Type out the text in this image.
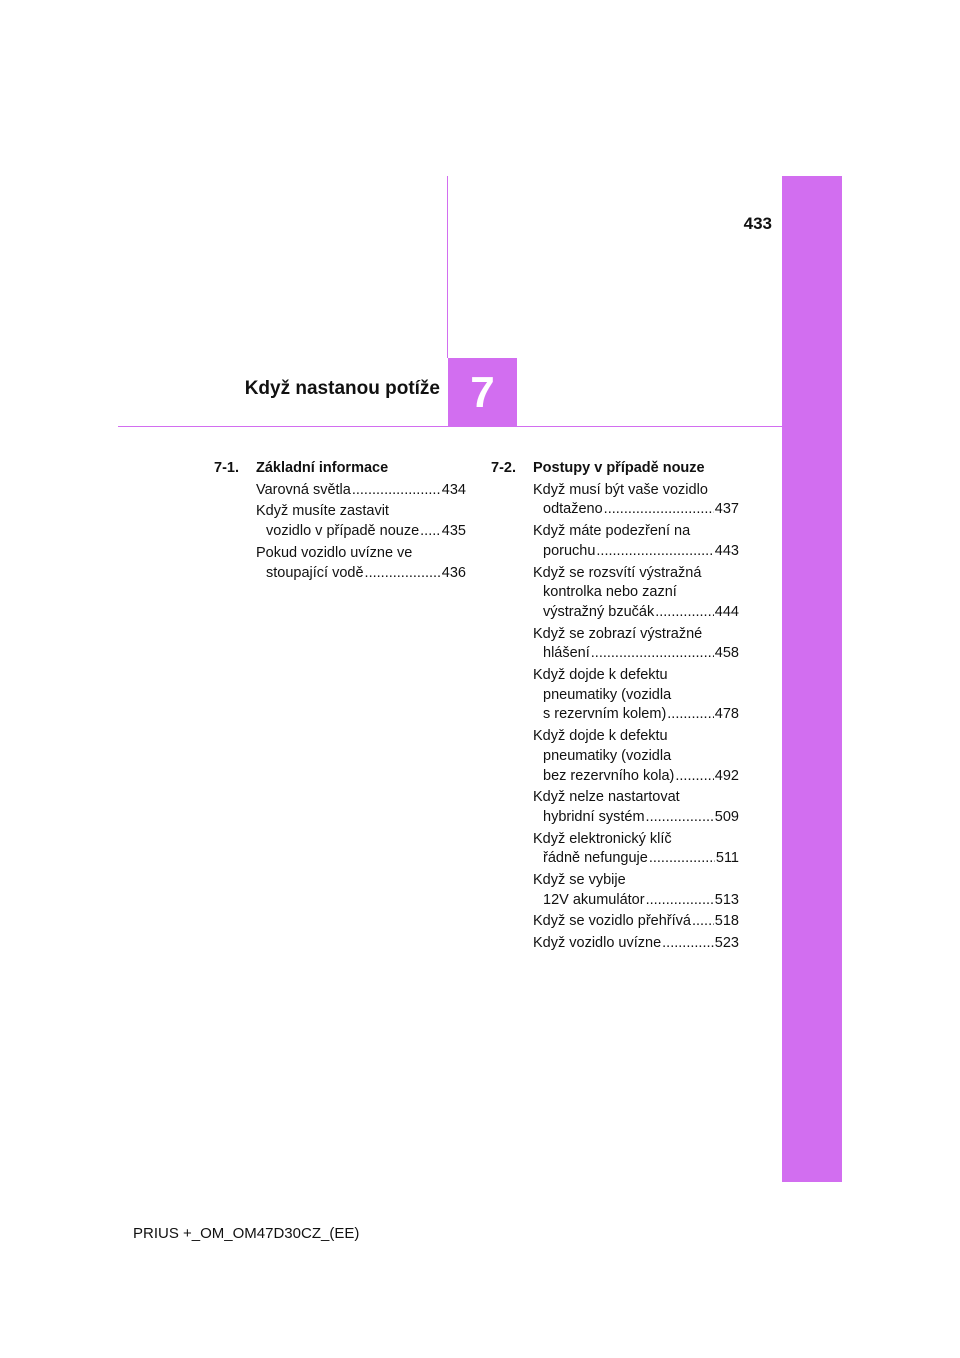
433
7
Když nastanou potíže
7-1.	Základní informace
Varovná světla .....	434
Když musíte zastavit
vozidlo v případě nouze ..... 435
Pokud vozidlo uvízne ve
stoupající vodě .....	436
7-2.	Postupy v případě nouze
Když musí být vaše vozidlo
odtaženo .....	437
Když máte podezření na
poruchu .....	443
Když se rozsvítí výstražná
kontrolka nebo zazní
výstražný bzučák .....	444
Když se zobrazí výstražné
hlášení .....	458
Když dojde k defektu
pneumatiky (vozidla
s rezervním kolem) .....	478
Když dojde k defektu
pneumatiky (vozidla
bez rezervního kola) .....	492
Když nelze nastartovat
hybridní systém .....	509
Když elektronický klíč
řádně nefunguje .....	511
Když se vybije
12V akumulátor .....	513
Když se vozidlo přehřívá ..... 518
Když vozidlo uvízne .....	523
PRIUS +_OM_OM47D30CZ_(EE)
